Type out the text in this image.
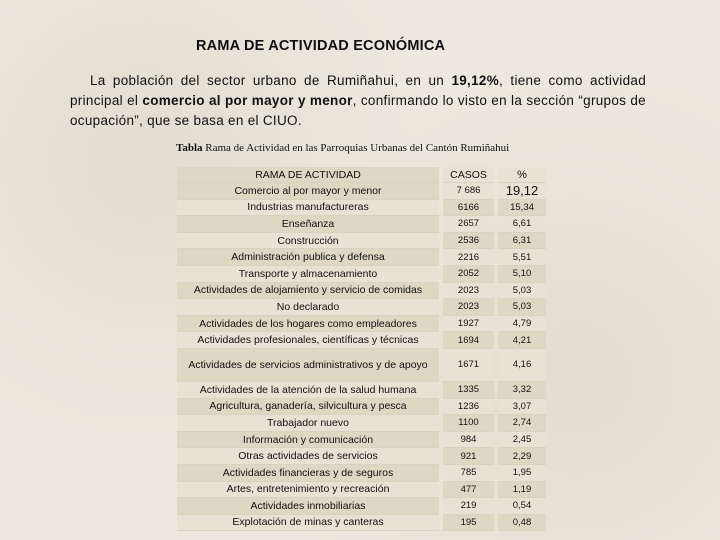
RAMA DE ACTIVIDAD ECONÓMICA

La población del sector urbano de Rumiñahui, en un 19,12%, tiene como actividad principal el comercio al por mayor y menor, confirmando lo visto en la sección “grupos de ocupación”, que se basa en el CIUO.

Tabla Rama de Actividad en las Parroquias Urbanas del Cantón Rumiñahui
RAMA DE ACTIVIDAD		CASOS		%
Comercio al por mayor y menor		7 686		19,12
Industrias manufactureras		6166		15,34
Enseñanza		2657		6,61
Construcción		2536		6,31
Administración publica y defensa		2216		5,51
Transporte y almacenamiento		2052		5,10
Actividades de alojamiento y servicio de comidas		2023		5,03
No declarado		2023		5,03
Actividades de los hogares como empleadores		1927		4,79
Actividades profesionales, científicas y técnicas		1694		4,21
Actividades de servicios administrativos y de apoyo		1671		4,16
Actividades de la atención de la salud humana		1335		3,32
Agricultura, ganadería, silvicultura y pesca		1236		3,07
Trabajador nuevo		1100		2,74
Información y comunicación		984		2,45
Otras actividades de servicios		921		2,29
Actividades financieras y de seguros		785		1,95
Artes, entretenimiento y recreación		477		1,19
Actividades inmobiliarias		219		0,54
Explotación de minas y canteras		195		0,48
